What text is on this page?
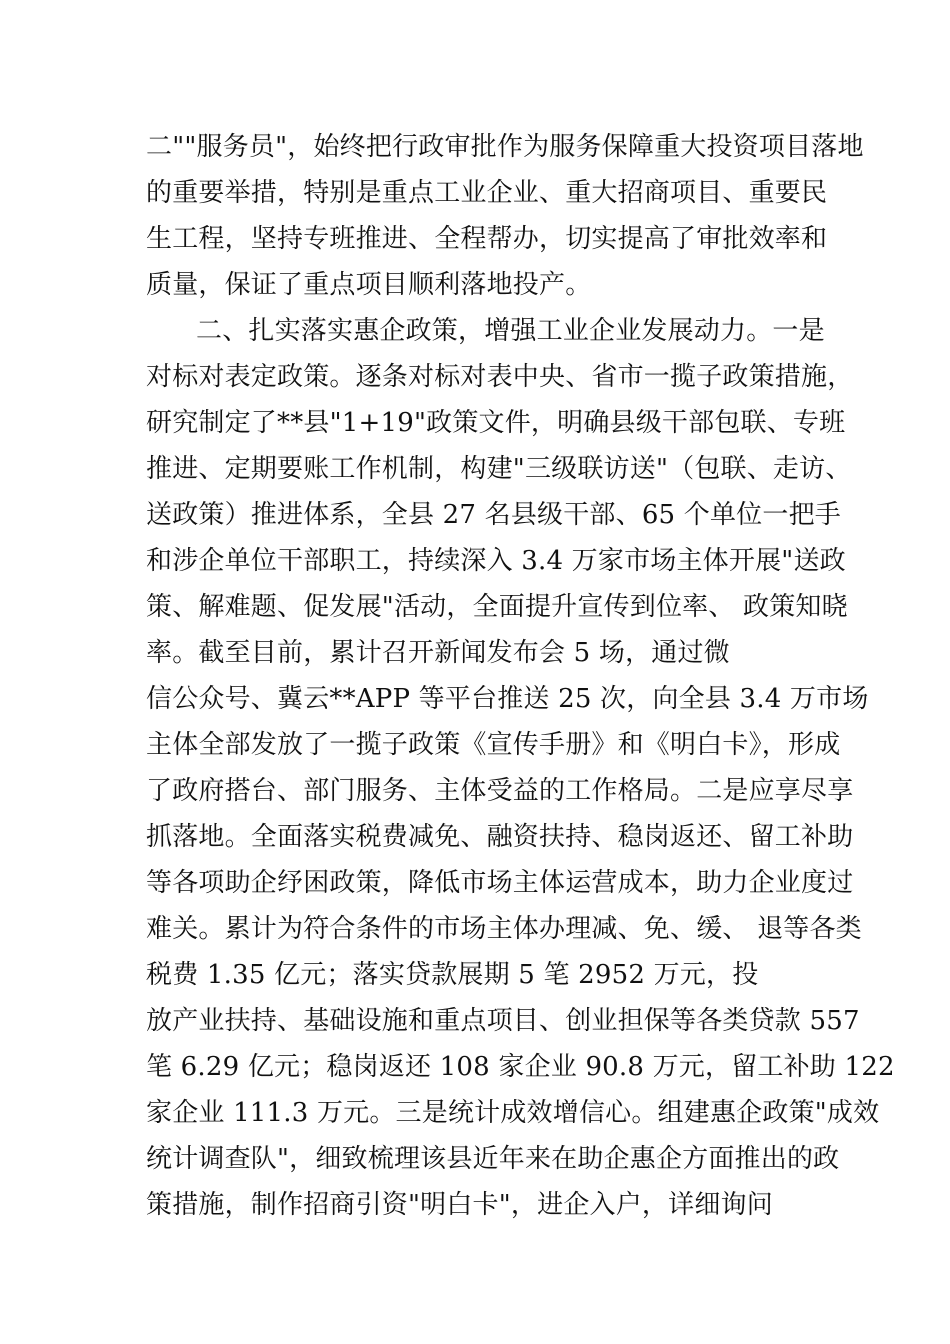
二""服务员"，始终把行政审批作为服务保障重大投资项目落地
的重要举措，特别是重点工业企业、重大招商项目、重要民
生工程，坚持专班推进、全程帮办，切实提高了审批效率和
质量，保证了重点项目顺利落地投产。
二、扎实落实惠企政策，增强工业企业发展动力。一是
对标对表定政策。逐条对标对表中央、省市一揽子政策措施，
研究制定了**县"1+19"政策文件，明确县级干部包联、专班
推进、定期要账工作机制，构建"三级联访送"（包联、走访、
送政策）推进体系，全县 27 名县级干部、65 个单位一把手
和涉企单位干部职工，持续深入 3.4 万家市场主体开展"送政
策、解难题、促发展"活动，全面提升宣传到位率、 政策知晓
率。截至目前，累计召开新闻发布会 5 场，通过微
信公众号、冀云**APP 等平台推送 25 次，向全县 3.4 万市场
主体全部发放了一揽子政策《宣传手册》和《明白卡》，形成
了政府搭台、部门服务、主体受益的工作格局。二是应享尽享
抓落地。全面落实税费减免、融资扶持、稳岗返还、留工补助
等各项助企纾困政策，降低市场主体运营成本，助力企业度过
难关。累计为符合条件的市场主体办理减、免、缓、 退等各类
税费 1.35 亿元；落实贷款展期 5 笔 2952 万元，投
放产业扶持、基础设施和重点项目、创业担保等各类贷款 557
笔 6.29 亿元；稳岗返还 108 家企业 90.8 万元，留工补助 122
家企业 111.3 万元。三是统计成效增信心。组建惠企政策"成效
统计调查队"，细致梳理该县近年来在助企惠企方面推出的政
策措施，制作招商引资"明白卡"，进企入户，详细询问
